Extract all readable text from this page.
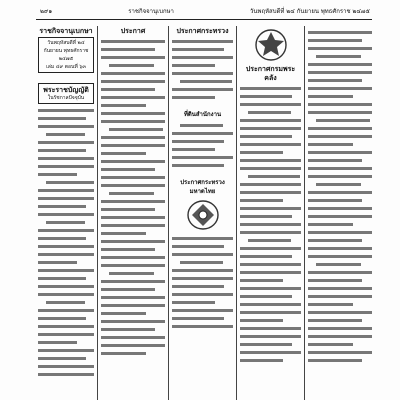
๒๙๑	ราชกิจจานุเบกษา	วันพฤหัสบดีที่ ๒๔ กันยายน พุทธศักราช ๒๔๗๕
ราชกิจจานุเบกษา
วันพฤหัสบดีที่ ๒๔ กันยายน พุทธศักราช ๒๔๗๕
เล่ม ๔๙ ตอนที่ ๖๓
พระราชบัญญัติ
ในรัชกาลปัจจุบัน
ประกาศ	ประกาศกระทรวง
ที่ดินสำนักงาน
ประกาศกระทรวงมหาดไทย
ประกาศกรมพระคลัง
